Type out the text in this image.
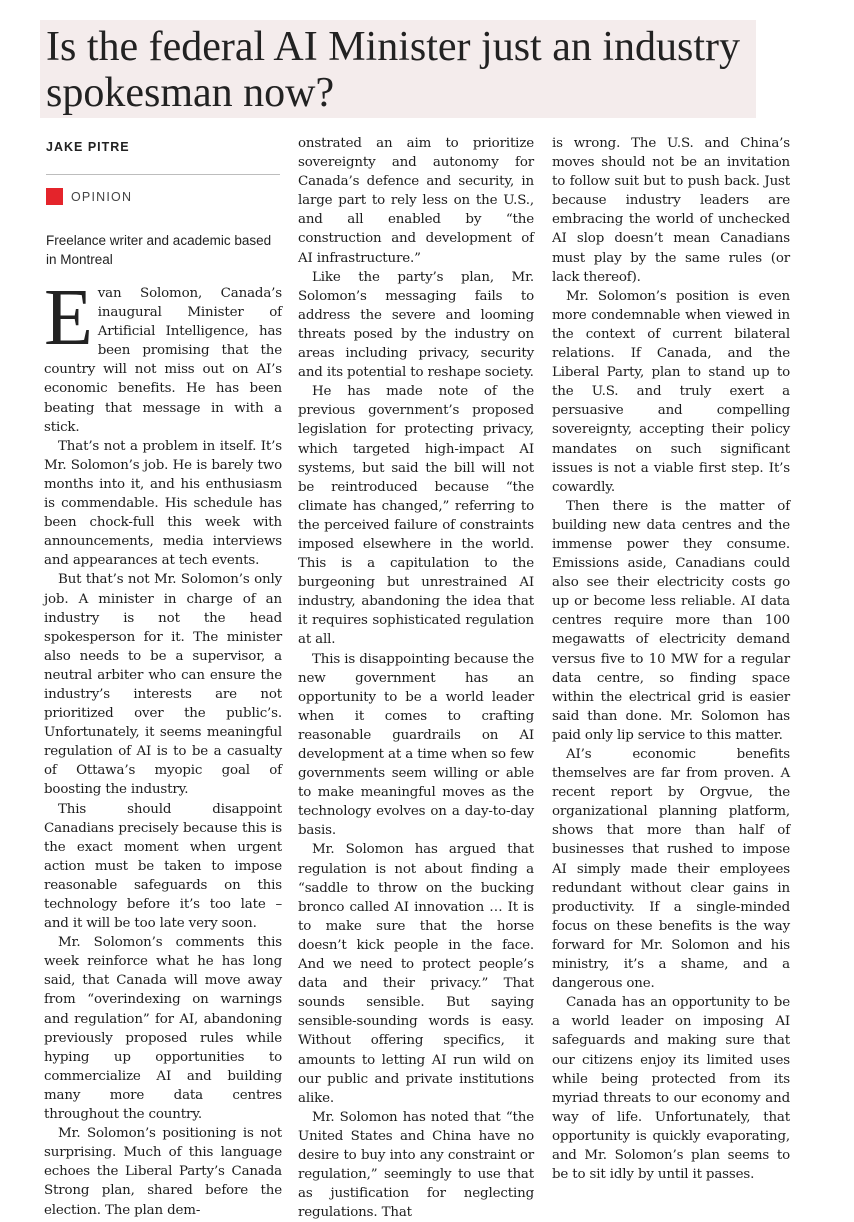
Is the federal AI Minister just an industry spokesman now?
JAKE PITRE
OPINION
Freelance writer and academic based in Montreal

Evan Solomon, Canada’s inaugural Minister of Artificial Intelligence, has been promising that the country will not miss out on AI’s economic benefits. He has been beating that message in with a stick.

That’s not a problem in itself. It’s Mr. Solomon’s job. He is barely two months into it, and his enthusiasm is commendable. His schedule has been chock-full this week with announcements, media interviews and appearances at tech events.

But that’s not Mr. Solomon’s only job. A minister in charge of an industry is not the head spokesperson for it. The minister also needs to be a supervisor, a neutral arbiter who can ensure the industry’s interests are not prioritized over the public’s. Unfortunately, it seems meaningful regulation of AI is to be a casualty of Ottawa’s myopic goal of boosting the industry.

This should disappoint Canadians precisely because this is the exact moment when urgent action must be taken to impose reasonable safeguards on this technology before it’s too late – and it will be too late very soon.

Mr. Solomon’s comments this week reinforce what he has long said, that Canada will move away from “overindexing on warnings and regulation” for AI, abandoning previously proposed rules while hyping up opportunities to commercialize AI and building many more data centres throughout the country.

Mr. Solomon’s positioning is not surprising. Much of this language echoes the Liberal Party’s Canada Strong plan, shared before the election. The plan dem-

onstrated an aim to prioritize sovereignty and autonomy for Canada’s defence and security, in large part to rely less on the U.S., and all enabled by “the construction and development of AI infrastructure.”

Like the party’s plan, Mr. Solomon’s messaging fails to address the severe and looming threats posed by the industry on areas including privacy, security and its potential to reshape society.

He has made note of the previous government’s proposed legislation for protecting privacy, which targeted high-impact AI systems, but said the bill will not be reintroduced because “the climate has changed,” referring to the perceived failure of constraints imposed elsewhere in the world. This is a capitulation to the burgeoning but unrestrained AI industry, abandoning the idea that it requires sophisticated regulation at all.

This is disappointing because the new government has an opportunity to be a world leader when it comes to crafting reasonable guardrails on AI development at a time when so few governments seem willing or able to make meaningful moves as the technology evolves on a day-to-day basis.

Mr. Solomon has argued that regulation is not about finding a “saddle to throw on the bucking bronco called AI innovation … It is to make sure that the horse doesn’t kick people in the face. And we need to protect people’s data and their privacy.” That sounds sensible. But saying sensible-sounding words is easy. Without offering specifics, it amounts to letting AI run wild on our public and private institutions alike.

Mr. Solomon has noted that “the United States and China have no desire to buy into any constraint or regulation,” seemingly to use that as justification for neglecting regulations. That

is wrong. The U.S. and China’s moves should not be an invitation to follow suit but to push back. Just because industry leaders are embracing the world of unchecked AI slop doesn’t mean Canadians must play by the same rules (or lack thereof).

Mr. Solomon’s position is even more condemnable when viewed in the context of current bilateral relations. If Canada, and the Liberal Party, plan to stand up to the U.S. and truly exert a persuasive and compelling sovereignty, accepting their policy mandates on such significant issues is not a viable first step. It’s cowardly.

Then there is the matter of building new data centres and the immense power they consume. Emissions aside, Canadians could also see their electricity costs go up or become less reliable. AI data centres require more than 100 megawatts of electricity demand versus five to 10 MW for a regular data centre, so finding space within the electrical grid is easier said than done. Mr. Solomon has paid only lip service to this matter.

AI’s economic benefits themselves are far from proven. A recent report by Orgvue, the organizational planning platform, shows that more than half of businesses that rushed to impose AI simply made their employees redundant without clear gains in productivity. If a single-minded focus on these benefits is the way forward for Mr. Solomon and his ministry, it’s a shame, and a dangerous one.

Canada has an opportunity to be a world leader on imposing AI safeguards and making sure that our citizens enjoy its limited uses while being protected from its myriad threats to our economy and way of life. Unfortunately, that opportunity is quickly evaporating, and Mr. Solomon’s plan seems to be to sit idly by until it passes.
